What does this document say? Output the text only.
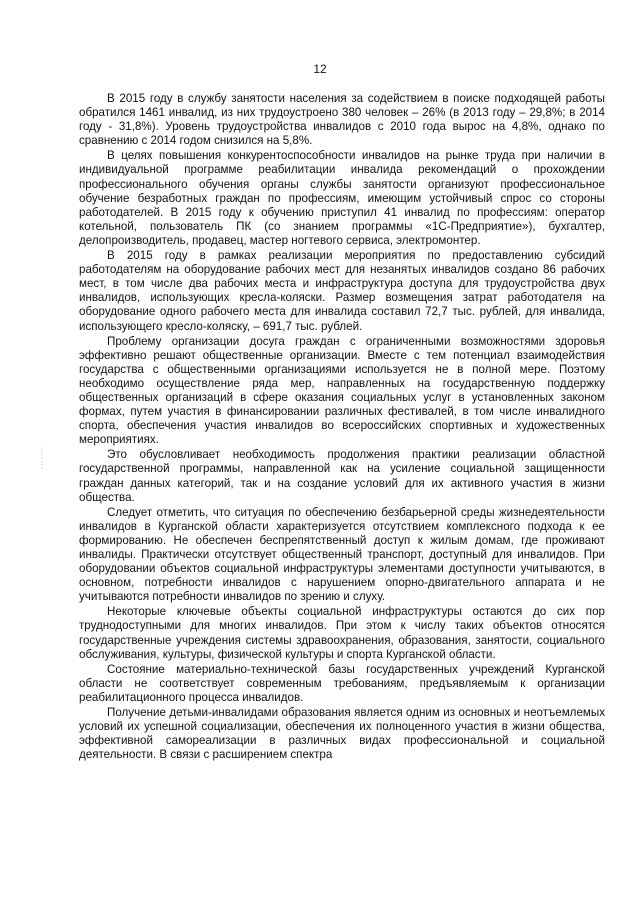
12
·
:
·
:
·

В 2015 году в службу занятости населения за содействием в поиске подходящей работы обратился 1461 инвалид, из них трудоустроено 380 человек – 26% (в 2013 году – 29,8%; в 2014 году - 31,8%). Уровень трудоустройства инвалидов с 2010 года вырос на 4,8%, однако по сравнению с 2014 годом снизился на 5,8%.

В целях повышения конкурентоспособности инвалидов на рынке труда при наличии в индивидуальной программе реабилитации инвалида рекомендаций о прохождении профессионального обучения органы службы занятости организуют профессиональное обучение безработных граждан по профессиям, имеющим устойчивый спрос со стороны работодателей. В 2015 году к обучению приступил 41 инвалид по профессиям: оператор котельной, пользователь ПК (со знанием программы «1С-Предприятие»), бухгалтер, делопроизводитель, продавец, мастер ногтевого сервиса, электромонтер.

В 2015 году в рамках реализации мероприятия по предоставлению субсидий работодателям на оборудование рабочих мест для незанятых инвалидов создано 86 рабочих мест, в том числе два рабочих места и инфраструктура доступа для трудоустройства двух инвалидов, использующих кресла-коляски. Размер возмещения затрат работодателя на оборудование одного рабочего места для инвалида составил 72,7 тыс. рублей, для инвалида, использующего кресло-коляску, – 691,7 тыс. рублей.

Проблему организации досуга граждан с ограниченными возможностями здоровья эффективно решают общественные организации. Вместе с тем потенциал взаимодействия государства с общественными организациями используется не в полной мере. Поэтому необходимо осуществление ряда мер, направленных на государственную поддержку общественных организаций в сфере оказания социальных услуг в установленных законом формах, путем участия в финансировании различных фестивалей, в том числе инвалидного спорта, обеспечения участия инвалидов во всероссийских спортивных и художественных мероприятиях.

Это обусловливает необходимость продолжения практики реализации областной государственной программы, направленной как на усиление социальной защищенности граждан данных категорий, так и на создание условий для их активного участия в жизни общества.

Следует отметить, что ситуация по обеспечению безбарьерной среды жизнедеятельности инвалидов в Курганской области характеризуется отсутствием комплексного подхода к ее формированию. Не обеспечен беспрепятственный доступ к жилым домам, где проживают инвалиды. Практически отсутствует общественный транспорт, доступный для инвалидов. При оборудовании объектов социальной инфраструктуры элементами доступности учитываются, в основном, потребности инвалидов с нарушением опорно-двигательного аппарата и не учитываются потребности инвалидов по зрению и слуху.

Некоторые ключевые объекты социальной инфраструктуры остаются до сих пор труднодоступными для многих инвалидов. При этом к числу таких объектов относятся государственные учреждения системы здравоохранения, образования, занятости, социального обслуживания, культуры, физической культуры и спорта Курганской области.

Состояние материально-технической базы государственных учреждений Курганской области не соответствует современным требованиям, предъявляемым к организации реабилитационного процесса инвалидов.

Получение детьми-инвалидами образования является одним из основных и неотъемлемых условий их успешной социализации, обеспечения их полноценного участия в жизни общества, эффективной самореализации в различных видах профессиональной и социальной деятельности. В связи с расширением спектра
